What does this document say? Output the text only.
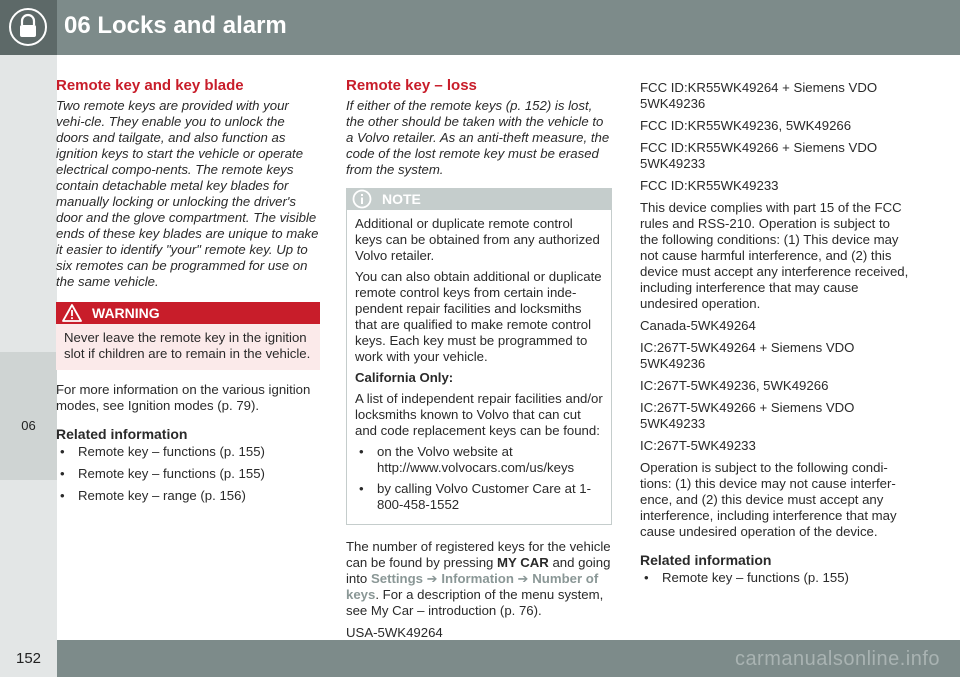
06 Locks and alarm
06
152	carmanualsonline.info
Remote key and key blade

Two remote keys are provided with your vehi-cle. They enable you to unlock the doors and tailgate, and also function as ignition keys to start the vehicle or operate electrical compo-nents. The remote keys contain detachable metal key blades for manually locking or unlocking the driver's door and the glove compartment. The visible ends of these key blades are unique to make it easier to identify "your" remote key. Up to six remotes can be programmed for use on the same vehicle.

WARNING
Never leave the remote key in the ignition slot if children are to remain in the vehicle.

For more information on the various ignition modes, see Ignition modes (p. 79).

Related information
• Remote key – functions (p. 155)
• Remote key – functions (p. 155)
• Remote key – range (p. 156)
Remote key – loss

If either of the remote keys (p. 152) is lost, the other should be taken with the vehicle to a Volvo retailer. As an anti-theft measure, the code of the lost remote key must be erased from the system.

NOTE

Additional or duplicate remote control keys can be obtained from any authorized Volvo retailer.

You can also obtain additional or duplicate remote control keys from certain inde-pendent repair facilities and locksmiths that are qualified to make remote control keys. Each key must be programmed to work with your vehicle.

California Only:

A list of independent repair facilities and/or locksmiths known to Volvo that can cut and code replacement keys can be found:

• on the Volvo website at http://www.volvocars.com/us/keys
• by calling Volvo Customer Care at 1-800-458-1552

The number of registered keys for the vehicle can be found by pressing MY CAR and going into Settings ➔ Information ➔ Number of keys. For a description of the menu system, see My Car – introduction (p. 76).

USA-5WK49264

FCC ID:KR55WK49264 + Siemens VDO 5WK49236

FCC ID:KR55WK49236, 5WK49266

FCC ID:KR55WK49266 + Siemens VDO 5WK49233

FCC ID:KR55WK49233

This device complies with part 15 of the FCC rules and RSS-210. Operation is subject to the following conditions: (1) This device may not cause harmful interference, and (2) this device must accept any interference received, including interference that may cause undesired operation.

Canada-5WK49264

IC:267T-5WK49264 + Siemens VDO 5WK49236

IC:267T-5WK49236, 5WK49266

IC:267T-5WK49266 + Siemens VDO 5WK49233

IC:267T-5WK49233

Operation is subject to the following condi-tions: (1) this device may not cause interfer-ence, and (2) this device must accept any interference, including interference that may cause undesired operation of the device.

Related information
• Remote key – functions (p. 155)
